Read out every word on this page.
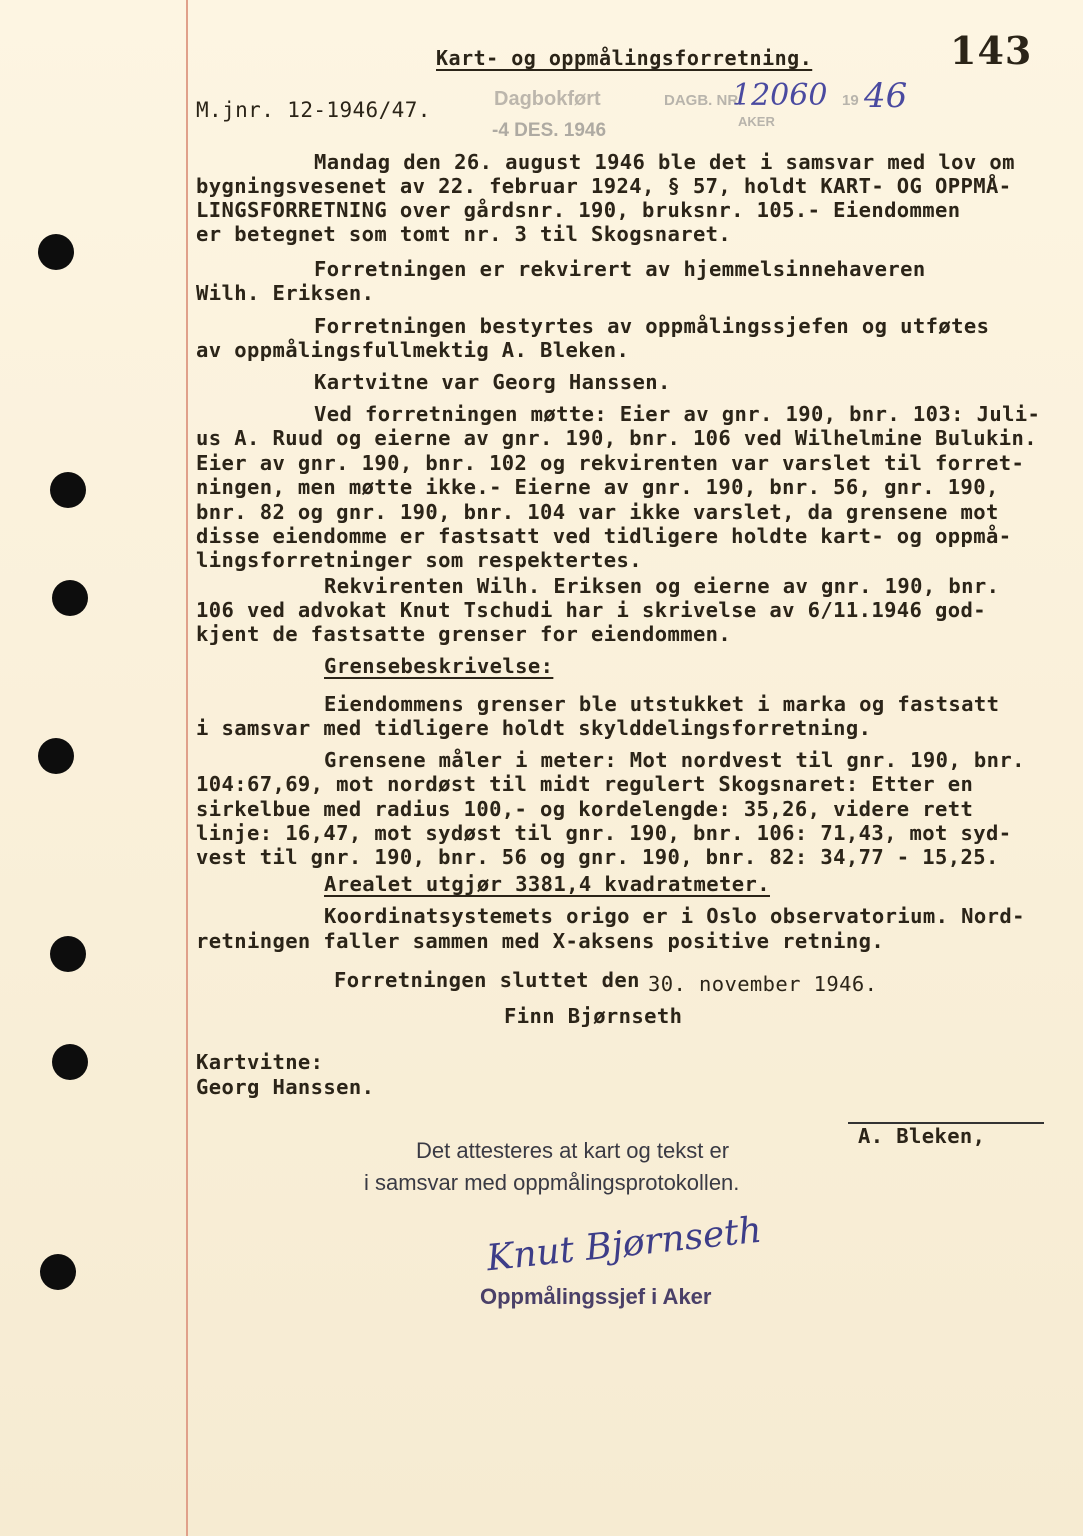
143
Kart- og oppmålingsforretning.
M.jnr. 12-1946/47.	Dagbokført	DAGB. NR.
12060 19 46
-4 DES. 1946	AKER
Mandag den 26. august 1946 ble det i samsvar med lov om
bygningsvesenet av 22. februar 1924, § 57, holdt KART- OG OPPMÅ-
LINGSFORRETNING over gårdsnr. 190, bruksnr. 105.- Eiendommen
er betegnet som tomt nr. 3 til Skogsnaret.
Forretningen er rekvirert av hjemmelsinnehaveren
Wilh. Eriksen.
Forretningen bestyrtes av oppmålingssjefen og utføtes
av oppmålingsfullmektig A. Bleken.
Kartvitne var Georg Hanssen.
Ved forretningen møtte: Eier av gnr. 190, bnr. 103: Juli-
us A. Ruud og eierne av gnr. 190, bnr. 106 ved Wilhelmine Bulukin.
Eier av gnr. 190, bnr. 102 og rekvirenten var varslet til forret-
ningen, men møtte ikke.- Eierne av gnr. 190, bnr. 56, gnr. 190,
bnr. 82 og gnr. 190, bnr. 104 var ikke varslet, da grensene mot
disse eiendomme er fastsatt ved tidligere holdte kart- og oppmå-
lingsforretninger som respektertes.
Rekvirenten Wilh. Eriksen og eierne av gnr. 190, bnr.
106 ved advokat Knut Tschudi har i skrivelse av 6/11.1946 god-
kjent de fastsatte grenser for eiendommen.
Grensebeskrivelse:
Eiendommens grenser ble utstukket i marka og fastsatt
i samsvar med tidligere holdt skylddelingsforretning.
Grensene måler i meter: Mot nordvest til gnr. 190, bnr.
104:67,69, mot nordøst til midt regulert Skogsnaret: Etter en
sirkelbue med radius 100,- og kordelengde: 35,26, videre rett
linje: 16,47, mot sydøst til gnr. 190, bnr. 106: 71,43, mot syd-
vest til gnr. 190, bnr. 56 og gnr. 190, bnr. 82: 34,77 - 15,25.
Arealet utgjør 3381,4 kvadratmeter.
Koordinatsystemets origo er i Oslo observatorium. Nord-
retningen faller sammen med X-aksens positive retning.
Forretningen sluttet den 30. november 1946.
Finn Bjørnseth
Kartvitne:
Georg Hanssen.
A. Bleken,
Det attesteres at kart og tekst er
i samsvar med oppmålingsprotokollen.
Knut Bjørnseth
Oppmålingssjef i Aker
